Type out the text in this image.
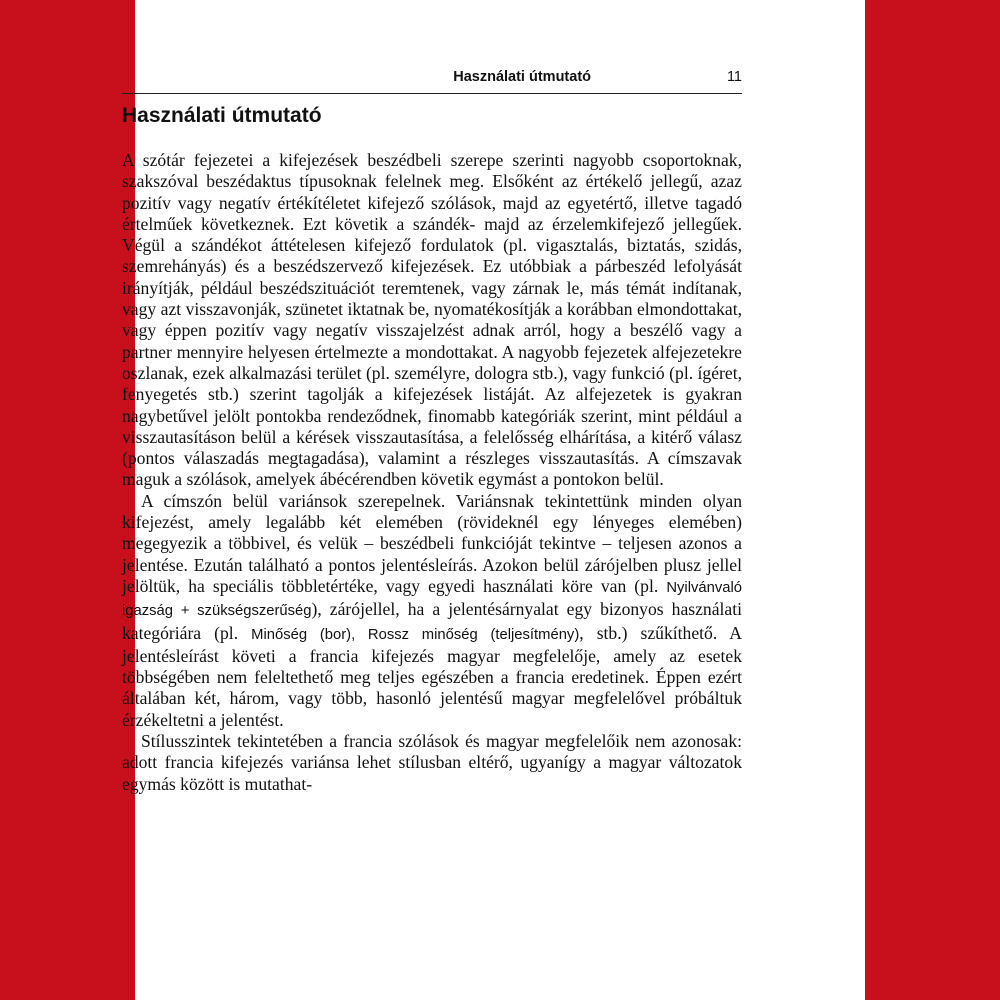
Használati útmutató	11
Használati útmutató

A szótár fejezetei a kifejezések beszédbeli szerepe szerinti nagyobb csoportoknak, szakszóval beszédaktus típusoknak felelnek meg. Elsőként az értékelő jellegű, azaz pozitív vagy negatív értékítéletet kifejező szólások, majd az egyetértő, illetve tagadó értelműek következnek. Ezt követik a szándék- majd az érzelemkifejező jellegűek. Végül a szándékot áttételesen kifejező fordulatok (pl. vigasztalás, biztatás, szidás, szemrehányás) és a beszédszervező kifejezések. Ez utóbbiak a párbeszéd lefolyását irányítják, például beszédszituációt teremtenek, vagy zárnak le, más témát indítanak, vagy azt visszavonják, szünetet iktatnak be, nyomatékosítják a korábban elmondottakat, vagy éppen pozitív vagy negatív visszajelzést adnak arról, hogy a beszélő vagy a partner mennyire helyesen értelmezte a mondottakat. A nagyobb fejezetek alfejezetekre oszlanak, ezek alkalmazási terület (pl. személyre, dologra stb.), vagy funkció (pl. ígéret, fenyegetés stb.) szerint tagolják a kifejezések listáját. Az alfejezetek is gyakran nagybetűvel jelölt pontokba rendeződnek, finomabb kategóriák szerint, mint például a visszautasításon belül a kérések visszautasítása, a felelősség elhárítása, a kitérő válasz (pontos válaszadás megtagadása), valamint a részleges visszautasítás. A címszavak maguk a szólások, amelyek ábécérendben követik egymást a pontokon belül.

A címszón belül variánsok szerepelnek. Variánsnak tekintettünk minden olyan kifejezést, amely legalább két elemében (rövideknél egy lényeges elemében) megegyezik a többivel, és velük – beszédbeli funkcióját tekintve – teljesen azonos a jelentése. Ezután található a pontos jelentésleírás. Azokon belül zárójelben plusz jellel jelöltük, ha speciális többletértéke, vagy egyedi használati köre van (pl. Nyilvánvaló igazság + szükségszerűség), zárójellel, ha a jelentésárnyalat egy bizonyos használati kategóriára (pl. Minőség (bor), Rossz minőség (teljesítmény), stb.) szűkíthető. A jelentésleírást követi a francia kifejezés magyar megfelelője, amely az esetek többségében nem feleltethető meg teljes egészében a francia eredetinek. Éppen ezért általában két, három, vagy több, hasonló jelentésű magyar megfelelővel próbáltuk érzékeltetni a jelentést.

Stílusszintek tekintetében a francia szólások és magyar megfelelőik nem azonosak: adott francia kifejezés variánsa lehet stílusban eltérő, ugyanígy a magyar változatok egymás között is mutathat-
